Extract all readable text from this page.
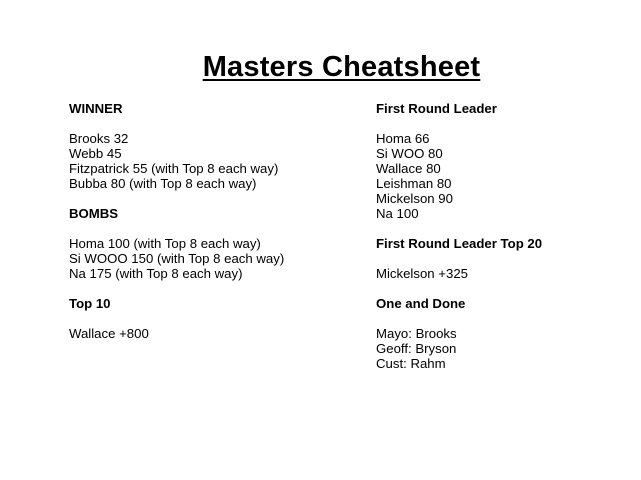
Masters Cheatsheet
WINNER
Brooks 32
Webb 45
Fitzpatrick 55 (with Top 8 each way)
Bubba 80 (with Top 8 each way)
BOMBS
Homa 100 (with Top 8 each way)
Si WOOO 150 (with Top 8 each way)
Na 175 (with Top 8 each way)
Top 10
Wallace +800
First Round Leader
Homa 66
Si WOO 80
Wallace 80
Leishman 80
Mickelson 90
Na 100
First Round Leader Top 20
Mickelson +325
One and Done
Mayo: Brooks
Geoff: Bryson
Cust: Rahm
